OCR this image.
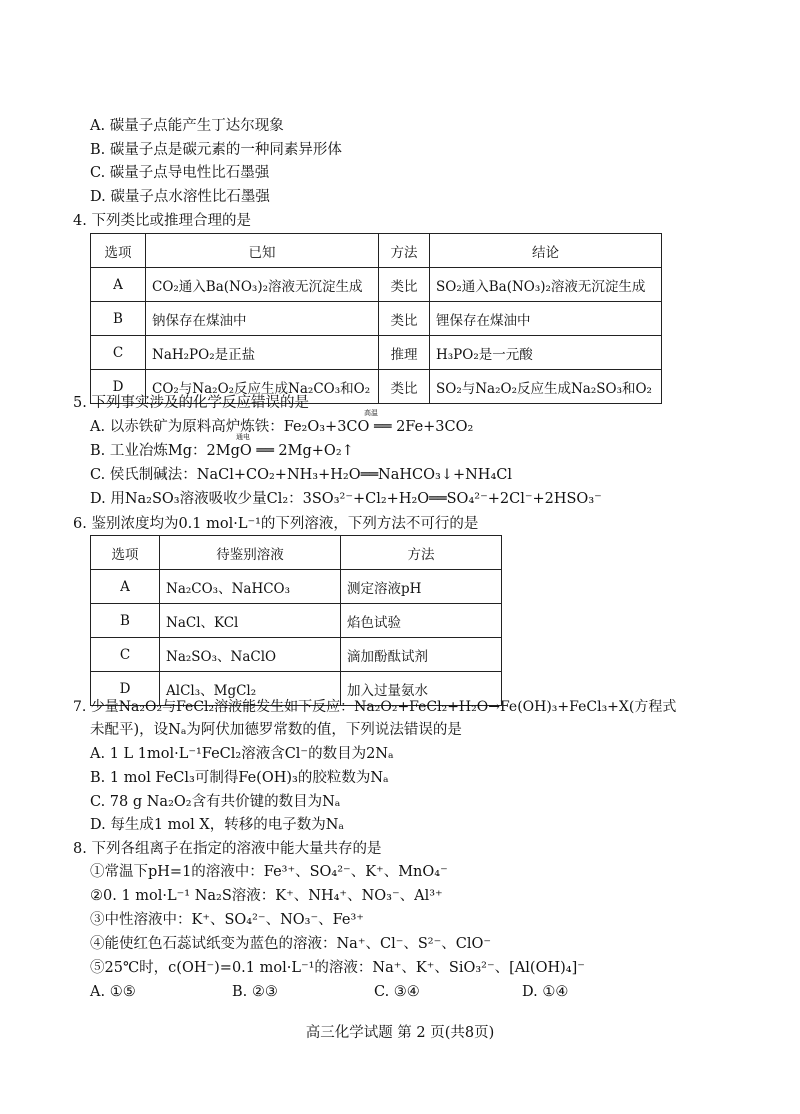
A. 碳量子点能产生丁达尔现象
B. 碳量子点是碳元素的一种同素异形体
C. 碳量子点导电性比石墨强
D. 碳量子点水溶性比石墨强
4. 下列类比或推理合理的是
选项	已知	方法	结论
A	CO₂通入Ba(NO₃)₂溶液无沉淀生成	类比	SO₂通入Ba(NO₃)₂溶液无沉淀生成
B	钠保存在煤油中	类比	锂保存在煤油中
C	NaH₂PO₂是正盐	推理	H₃PO₂是一元酸
D	CO₂与Na₂O₂反应生成Na₂CO₃和O₂	类比	SO₂与Na₂O₂反应生成Na₂SO₃和O₂
5. 下列事实涉及的化学反应错误的是
A. 以赤铁矿为原料高炉炼铁：Fe₂O₃+3CO ══ 2Fe+3CO₂
高温
B. 工业冶炼Mg：2MgO ══ 2Mg+O₂↑
通电
C. 侯氏制碱法：NaCl+CO₂+NH₃+H₂O══NaHCO₃↓+NH₄Cl
D. 用Na₂SO₃溶液吸收少量Cl₂：3SO₃²⁻+Cl₂+H₂O══SO₄²⁻+2Cl⁻+2HSO₃⁻
6. 鉴别浓度均为0.1 mol·L⁻¹的下列溶液，下列方法不可行的是
选项	待鉴别溶液	方法
A	Na₂CO₃、NaHCO₃	测定溶液pH
B	NaCl、KCl	焰色试验
C	Na₂SO₃、NaClO	滴加酚酞试剂
D	AlCl₃、MgCl₂	加入过量氨水
7. 少量Na₂O₂与FeCl₂溶液能发生如下反应：Na₂O₂+FeCl₂+H₂O→Fe(OH)₃+FeCl₃+X(方程式
未配平)，设Nₐ为阿伏加德罗常数的值，下列说法错误的是
A. 1 L 1mol·L⁻¹FeCl₂溶液含Cl⁻的数目为2Nₐ
B. 1 mol FeCl₃可制得Fe(OH)₃的胶粒数为Nₐ
C. 78 g Na₂O₂含有共价键的数目为Nₐ
D. 每生成1 mol X，转移的电子数为Nₐ
8. 下列各组离子在指定的溶液中能大量共存的是
①常温下pH=1的溶液中：Fe³⁺、SO₄²⁻、K⁺、MnO₄⁻
②0. 1 mol·L⁻¹ Na₂S溶液：K⁺、NH₄⁺、NO₃⁻、Al³⁺
③中性溶液中：K⁺、SO₄²⁻、NO₃⁻、Fe³⁺
④能使红色石蕊试纸变为蓝色的溶液：Na⁺、Cl⁻、S²⁻、ClO⁻
⑤25℃时，c(OH⁻)=0.1 mol·L⁻¹的溶液：Na⁺、K⁺、SiO₃²⁻、[Al(OH)₄]⁻
A. ①⑤	B. ②③	C. ③④	D. ①④
高三化学试题 第 2 页(共8页)
